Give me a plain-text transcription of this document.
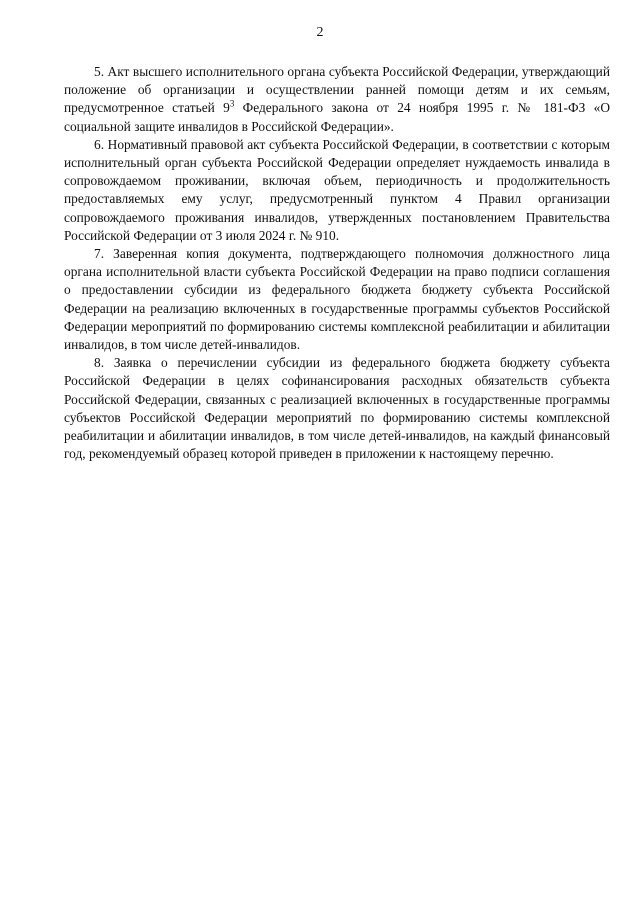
2

5. Акт высшего исполнительного органа субъекта Российской Федерации, утверждающий положение об организации и осуществлении ранней помощи детям и их семьям, предусмотренное статьей $9^3$ Федерального закона от 24 ноября 1995 г. № 181-ФЗ «О социальной защите инвалидов в Российской Федерации».

6. Нормативный правовой акт субъекта Российской Федерации, в соответствии с которым исполнительный орган субъекта Российской Федерации определяет нуждаемость инвалида в сопровождаемом проживании, включая объем, периодичность и продолжительность предоставляемых ему услуг, предусмотренный пунктом 4 Правил организации сопровождаемого проживания инвалидов, утвержденных постановлением Правительства Российской Федерации от 3 июля 2024 г. № 910.

7. Заверенная копия документа, подтверждающего полномочия должностного лица органа исполнительной власти субъекта Российской Федерации на право подписи соглашения о предоставлении субсидии из федерального бюджета бюджету субъекта Российской Федерации на реализацию включенных в государственные программы субъектов Российской Федерации мероприятий по формированию системы комплексной реабилитации и абилитации инвалидов, в том числе детей-инвалидов.

8. Заявка о перечислении субсидии из федерального бюджета бюджету субъекта Российской Федерации в целях софинансирования расходных обязательств субъекта Российской Федерации, связанных с реализацией включенных в государственные программы субъектов Российской Федерации мероприятий по формированию системы комплексной реабилитации и абилитации инвалидов, в том числе детей-инвалидов, на каждый финансовый год, рекомендуемый образец которой приведен в приложении к настоящему перечню.
